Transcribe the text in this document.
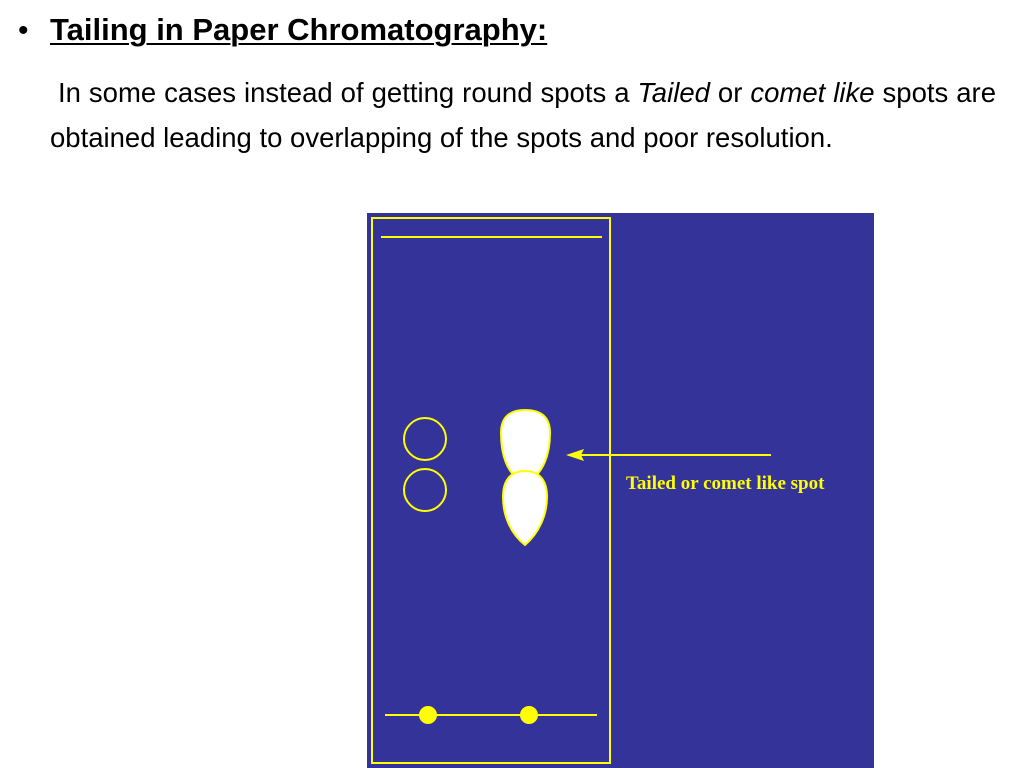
• Tailing in Paper Chromatography:

In some cases instead of getting round spots a Tailed or comet like spots are obtained leading to overlapping of the spots and poor resolution.

Tailed or comet like spot
